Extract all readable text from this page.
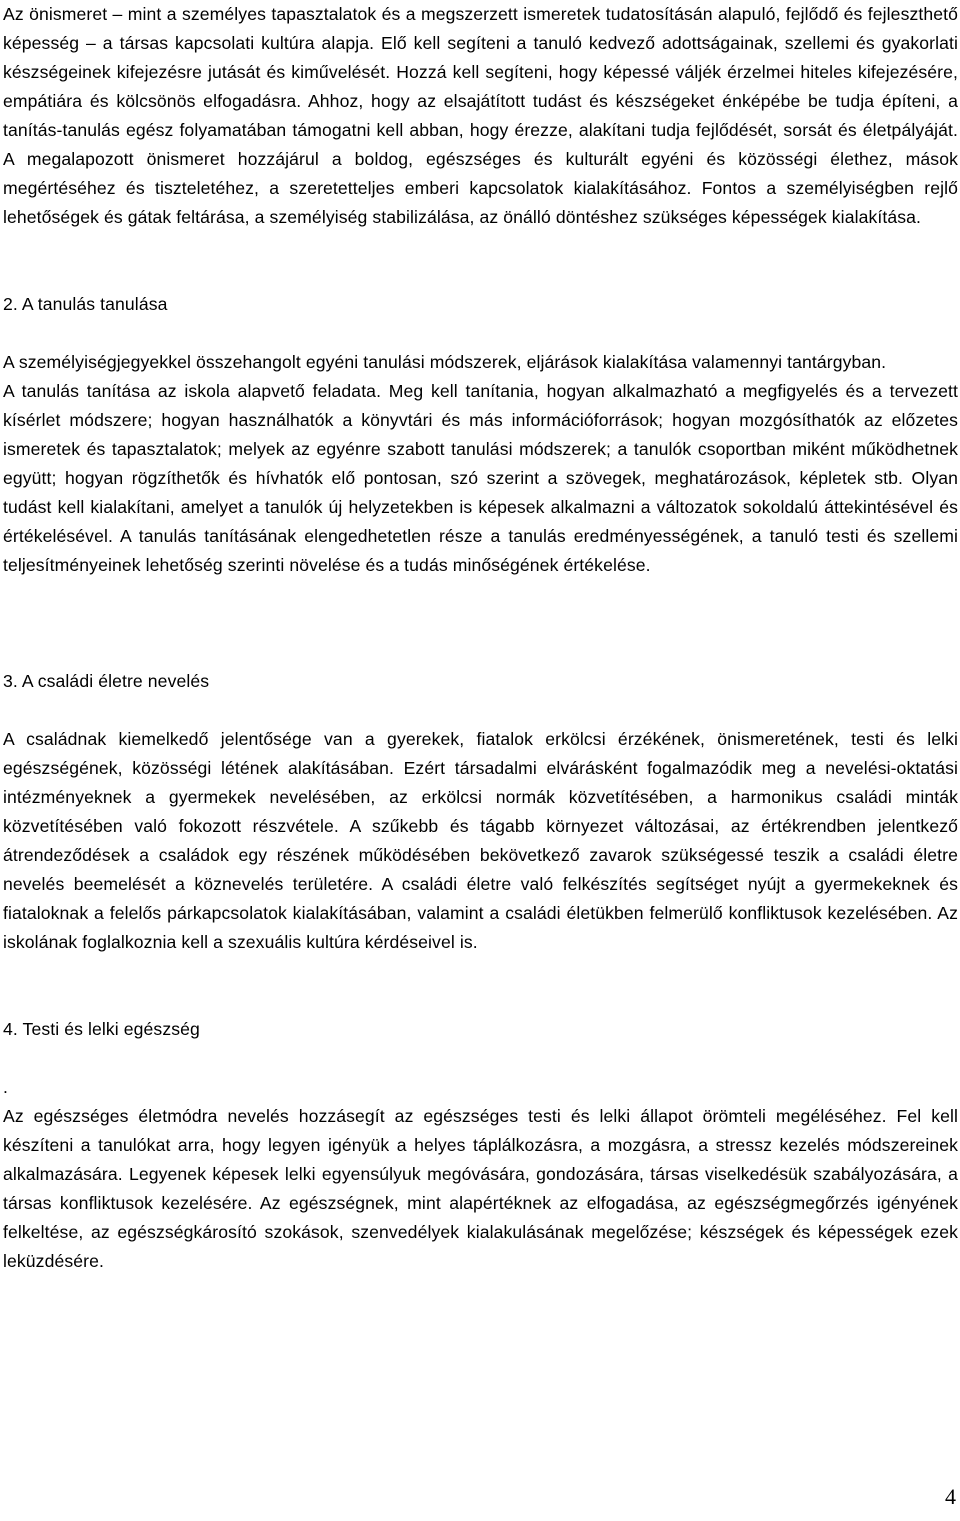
Az önismeret – mint a személyes tapasztalatok és a megszerzett ismeretek tudatosításán alapuló, fejlődő és fejleszthető képesség – a társas kapcsolati kultúra alapja. Elő kell segíteni a tanuló kedvező adottságainak, szellemi és gyakorlati készségeinek kifejezésre jutását és kiművelését. Hozzá kell segíteni, hogy képessé váljék érzelmei hiteles kifejezésére, empátiára és kölcsönös elfogadásra. Ahhoz, hogy az elsajátított tudást és készségeket énképébe be tudja építeni, a tanítás-tanulás egész folyamatában támogatni kell abban, hogy érezze, alakítani tudja fejlődését, sorsát és életpályáját. A megalapozott önismeret hozzájárul a boldog, egészséges és kulturált egyéni és közösségi élethez, mások megértéséhez és tiszteletéhez, a szeretetteljes emberi kapcsolatok kialakításához. Fontos a személyiségben rejlő lehetőségek és gátak feltárása, a személyiség stabilizálása, az önálló döntéshez szükséges képességek kialakítása.

2. A tanulás tanulása

A személyiségjegyekkel összehangolt egyéni tanulási módszerek, eljárások kialakítása valamennyi tantárgyban.

A tanulás tanítása az iskola alapvető feladata. Meg kell tanítania, hogyan alkalmazható a megfigyelés és a tervezett kísérlet módszere; hogyan használhatók a könyvtári és más információforrások; hogyan mozgósíthatók az előzetes ismeretek és tapasztalatok; melyek az egyénre szabott tanulási módszerek; a tanulók csoportban miként működhetnek együtt; hogyan rögzíthetők és hívhatók elő pontosan, szó szerint a szövegek, meghatározások, képletek stb. Olyan tudást kell kialakítani, amelyet a tanulók új helyzetekben is képesek alkalmazni a változatok sokoldalú áttekintésével és értékelésével. A tanulás tanításának elengedhetetlen része a tanulás eredményességének, a tanuló testi és szellemi teljesítményeinek lehetőség szerinti növelése és a tudás minőségének értékelése.

3. A családi életre nevelés

A családnak kiemelkedő jelentősége van a gyerekek, fiatalok erkölcsi érzékének, önismeretének, testi és lelki egészségének, közösségi létének alakításában. Ezért társadalmi elvárásként fogalmazódik meg a nevelési-oktatási intézményeknek a gyermekek nevelésében, az erkölcsi normák közvetítésében, a harmonikus családi minták közvetítésében való fokozott részvétele. A szűkebb és tágabb környezet változásai, az értékrendben jelentkező átrendeződések a családok egy részének működésében bekövetkező zavarok szükségessé teszik a családi életre nevelés beemelését a köznevelés területére. A családi életre való felkészítés segítséget nyújt a gyermekeknek és fiataloknak a felelős párkapcsolatok kialakításában, valamint a családi életükben felmerülő konfliktusok kezelésében. Az iskolának foglalkoznia kell a szexuális kultúra kérdéseivel is.

4. Testi és lelki egészség

.

Az egészséges életmódra nevelés hozzásegít az egészséges testi és lelki állapot örömteli megéléséhez. Fel kell készíteni a tanulókat arra, hogy legyen igényük a helyes táplálkozásra, a mozgásra, a stressz kezelés módszereinek alkalmazására. Legyenek képesek lelki egyensúlyuk megóvására, gondozására, társas viselkedésük szabályozására, a társas konfliktusok kezelésére. Az egészségnek, mint alapértéknek az elfogadása, az egészségmegőrzés igényének felkeltése, az egészségkárosító szokások, szenvedélyek kialakulásának megelőzése; készségek és képességek ezek leküzdésére.

4
